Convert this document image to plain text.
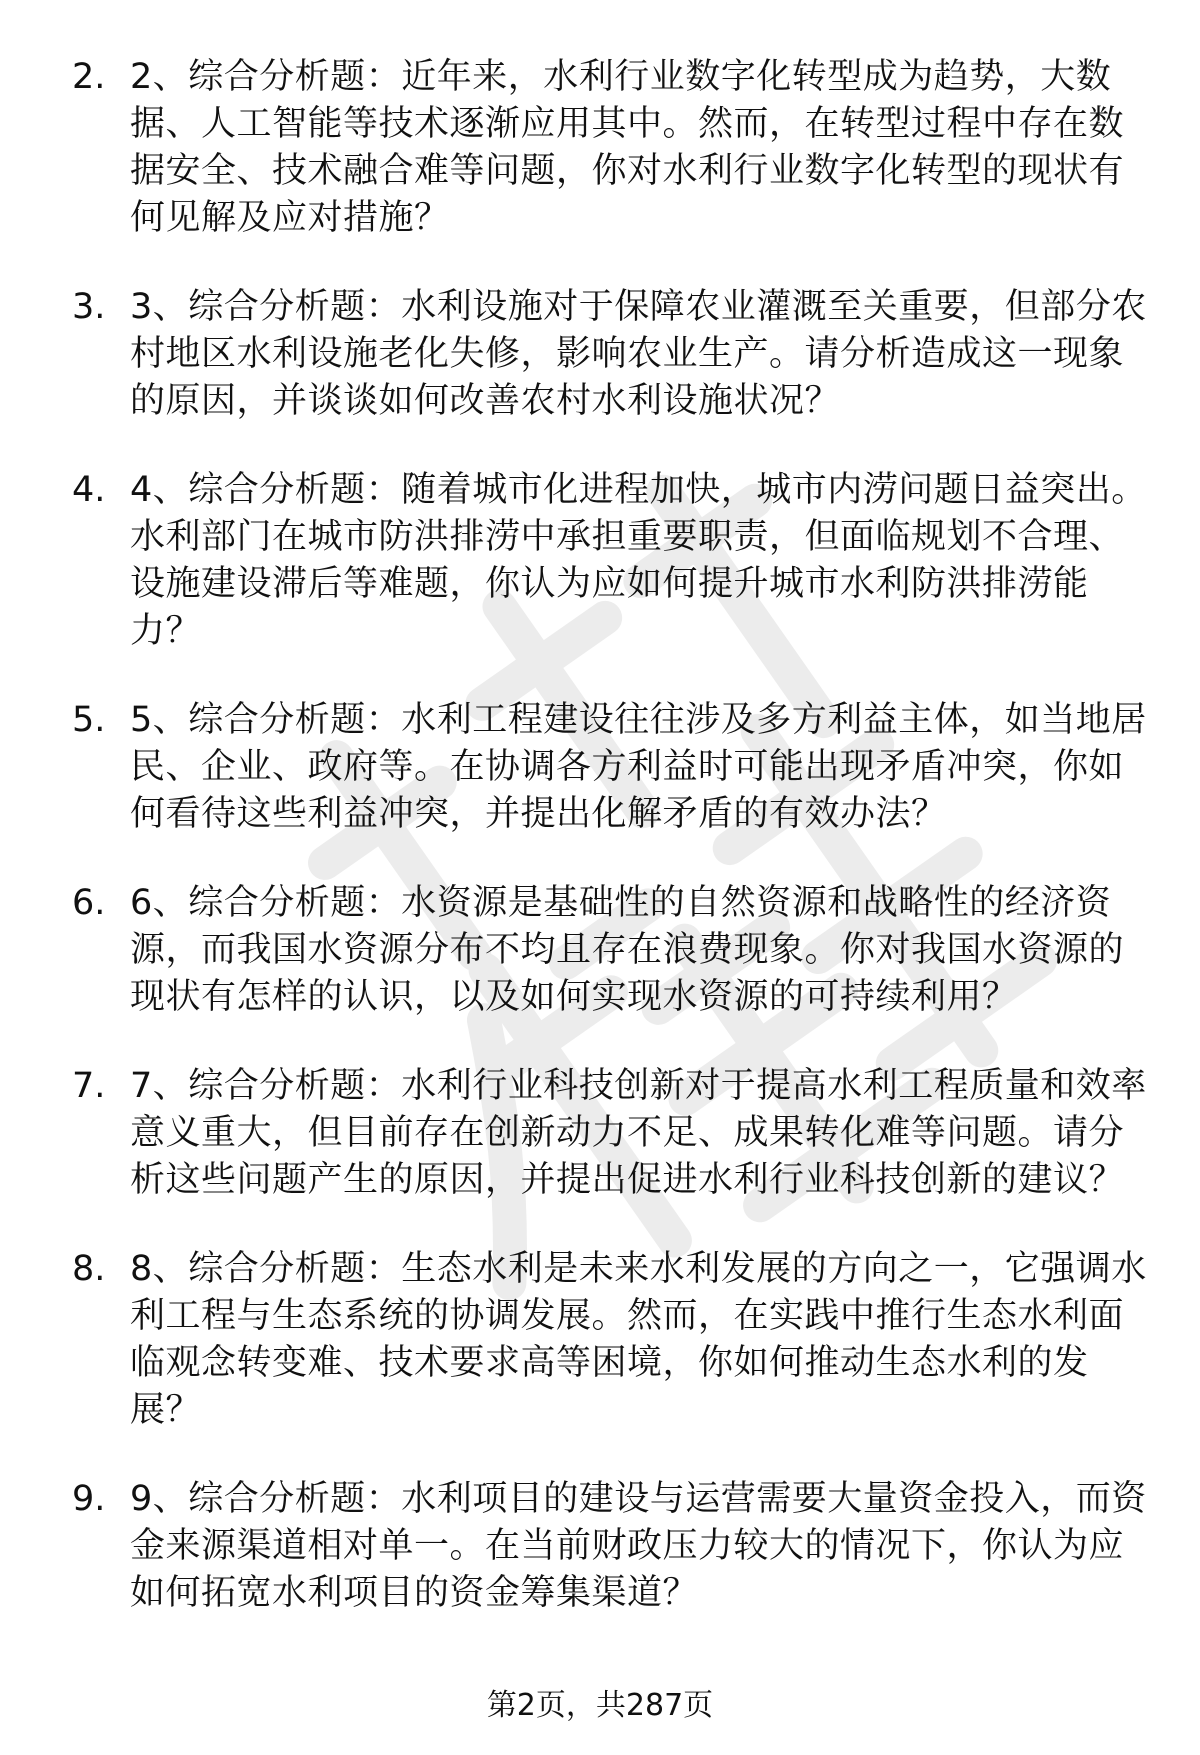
2. 2、综合分析题：近年来，水利行业数字化转型成为趋势，大数据、人工智能等技术逐渐应用其中。然而，在转型过程中存在数据安全、技术融合难等问题，你对水利行业数字化转型的现状有何见解及应对措施？
3. 3、综合分析题：水利设施对于保障农业灌溉至关重要，但部分农村地区水利设施老化失修，影响农业生产。请分析造成这一现象的原因，并谈谈如何改善农村水利设施状况？
4. 4、综合分析题：随着城市化进程加快，城市内涝问题日益突出。水利部门在城市防洪排涝中承担重要职责，但面临规划不合理、设施建设滞后等难题，你认为应如何提升城市水利防洪排涝能力？
5. 5、综合分析题：水利工程建设往往涉及多方利益主体，如当地居民、企业、政府等。在协调各方利益时可能出现矛盾冲突，你如何看待这些利益冲突，并提出化解矛盾的有效办法？
6. 6、综合分析题：水资源是基础性的自然资源和战略性的经济资源，而我国水资源分布不均且存在浪费现象。你对我国水资源的现状有怎样的认识，以及如何实现水资源的可持续利用？
7. 7、综合分析题：水利行业科技创新对于提高水利工程质量和效率意义重大，但目前存在创新动力不足、成果转化难等问题。请分析这些问题产生的原因，并提出促进水利行业科技创新的建议？
8. 8、综合分析题：生态水利是未来水利发展的方向之一，它强调水利工程与生态系统的协调发展。然而，在实践中推行生态水利面临观念转变难、技术要求高等困境，你如何推动生态水利的发展？
9. 9、综合分析题：水利项目的建设与运营需要大量资金投入，而资金来源渠道相对单一。在当前财政压力较大的情况下，你认为应如何拓宽水利项目的资金筹集渠道？
第2页，共287页
